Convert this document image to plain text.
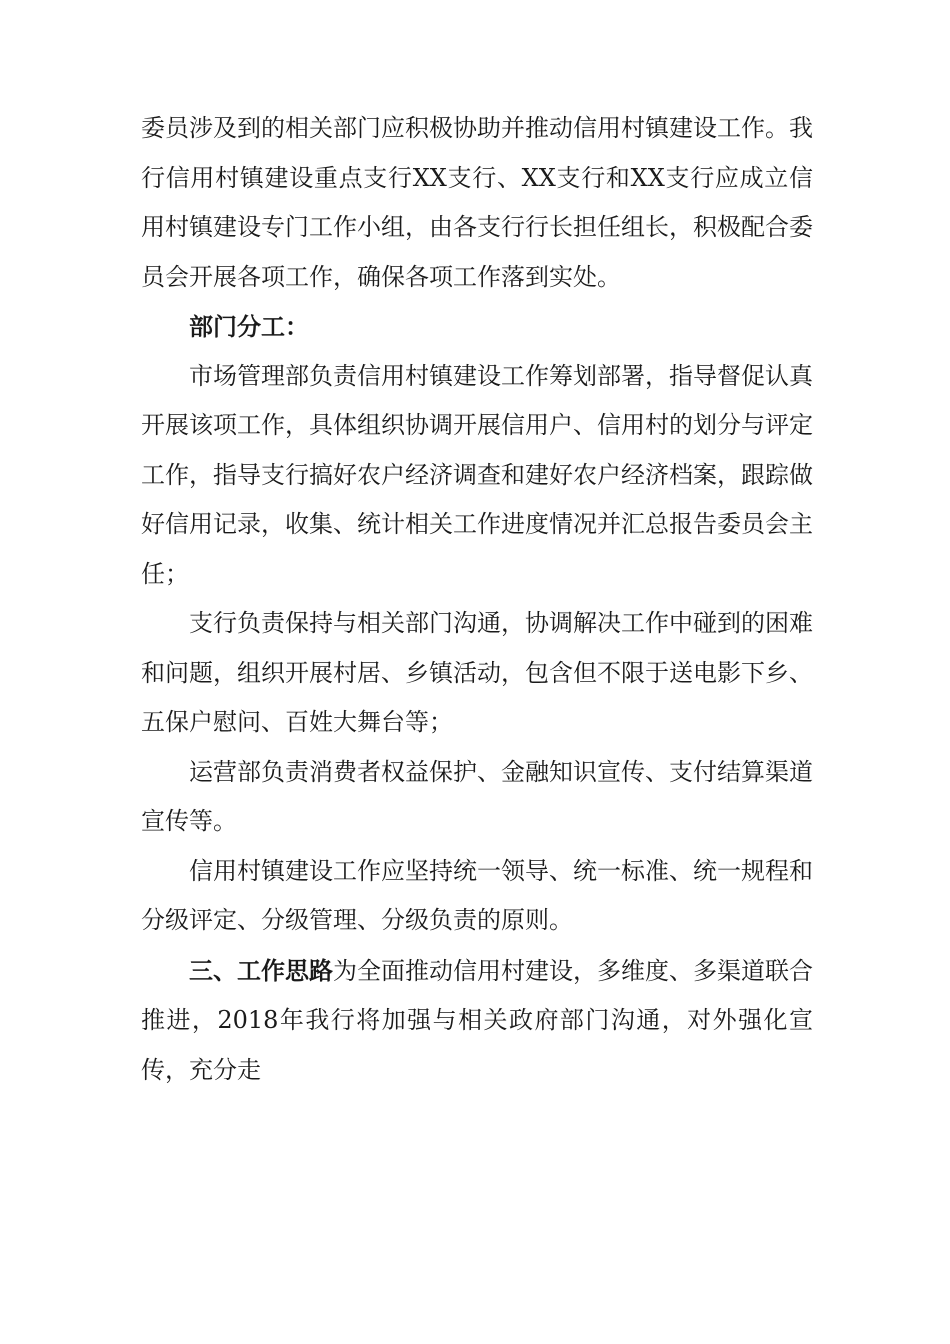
委员涉及到的相关部门应积极协助并推动信用村镇建设工作。我行信用村镇建设重点支行XX支行、XX支行和XX支行应成立信用村镇建设专门工作小组，由各支行行长担任组长，积极配合委员会开展各项工作，确保各项工作落到实处。

部门分工：

市场管理部负责信用村镇建设工作筹划部署，指导督促认真开展该项工作，具体组织协调开展信用户、信用村的划分与评定工作，指导支行搞好农户经济调查和建好农户经济档案，跟踪做好信用记录，收集、统计相关工作进度情况并汇总报告委员会主任；

支行负责保持与相关部门沟通，协调解决工作中碰到的困难和问题，组织开展村居、乡镇活动，包含但不限于送电影下乡、五保户慰问、百姓大舞台等；

运营部负责消费者权益保护、金融知识宣传、支付结算渠道宣传等。

信用村镇建设工作应坚持统一领导、统一标准、统一规程和分级评定、分级管理、分级负责的原则。

三、工作思路为全面推动信用村建设，多维度、多渠道联合推进，2018年我行将加强与相关政府部门沟通，对外强化宣传，充分走
